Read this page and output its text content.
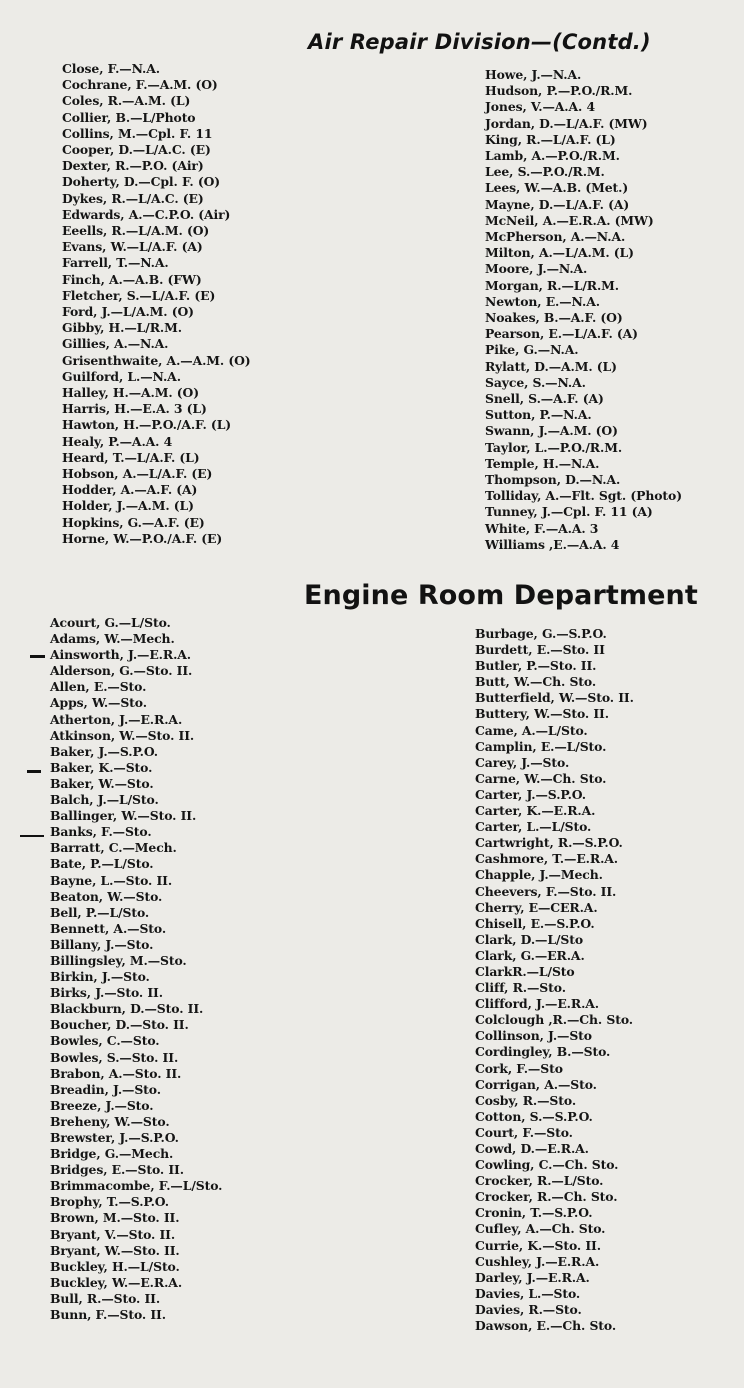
Air Repair Division—(Contd.)
Close, F.—N.A.
Cochrane, F.—A.M. (O)
Coles, R.—A.M. (L)
Collier, B.—L/Photo
Collins, M.—Cpl. F. 11
Cooper, D.—L/A.C. (E)
Dexter, R.—P.O. (Air)
Doherty, D.—Cpl. F. (O)
Dykes, R.—L/A.C. (E)
Edwards, A.—C.P.O. (Air)
Eeells, R.—L/A.M. (O)
Evans, W.—L/A.F. (A)
Farrell, T.—N.A.
Finch, A.—A.B. (FW)
Fletcher, S.—L/A.F. (E)
Ford, J.—L/A.M. (O)
Gibby, H.—L/R.M.
Gillies, A.—N.A.
Grisenthwaite, A.—A.M. (O)
Guilford, L.—N.A.
Halley, H.—A.M. (O)
Harris, H.—E.A. 3 (L)
Hawton, H.—P.O./A.F. (L)
Healy, P.—A.A. 4
Heard, T.—L/A.F. (L)
Hobson, A.—L/A.F. (E)
Hodder, A.—A.F. (A)
Holder, J.—A.M. (L)
Hopkins, G.—A.F. (E)
Horne, W.—P.O./A.F. (E)
Howe, J.—N.A.
Hudson, P.—P.O./R.M.
Jones, V.—A.A. 4
Jordan, D.—L/A.F. (MW)
King, R.—L/A.F. (L)
Lamb, A.—P.O./R.M.
Lee, S.—P.O./R.M.
Lees, W.—A.B. (Met.)
Mayne, D.—L/A.F. (A)
McNeil, A.—E.R.A. (MW)
McPherson, A.—N.A.
Milton, A.—L/A.M. (L)
Moore, J.—N.A.
Morgan, R.—L/R.M.
Newton, E.—N.A.
Noakes, B.—A.F. (O)
Pearson, E.—L/A.F. (A)
Pike, G.—N.A.
Rylatt, D.—A.M. (L)
Sayce, S.—N.A.
Snell, S.—A.F. (A)
Sutton, P.—N.A.
Swann, J.—A.M. (O)
Taylor, L.—P.O./R.M.
Temple, H.—N.A.
Thompson, D.—N.A.
Tolliday, A.—Flt. Sgt. (Photo)
Tunney, J.—Cpl. F. 11 (A)
White, F.—A.A. 3
Williams ,E.—A.A. 4
Engine Room Department
Acourt, G.—L/Sto.
Adams, W.—Mech.
Ainsworth, J.—E.R.A.
Alderson, G.—Sto. II.
Allen, E.—Sto.
Apps, W.—Sto.
Atherton, J.—E.R.A.
Atkinson, W.—Sto. II.
Baker, J.—S.P.O.
Baker, K.—Sto.
Baker, W.—Sto.
Balch, J.—L/Sto.
Ballinger, W.—Sto. II.
Banks, F.—Sto.
Barratt, C.—Mech.
Bate, P.—L/Sto.
Bayne, L.—Sto. II.
Beaton, W.—Sto.
Bell, P.—L/Sto.
Bennett, A.—Sto.
Billany, J.—Sto.
Billingsley, M.—Sto.
Birkin, J.—Sto.
Birks, J.—Sto. II.
Blackburn, D.—Sto. II.
Boucher, D.—Sto. II.
Bowles, C.—Sto.
Bowles, S.—Sto. II.
Brabon, A.—Sto. II.
Breadin, J.—Sto.
Breeze, J.—Sto.
Breheny, W.—Sto.
Brewster, J.—S.P.O.
Bridge, G.—Mech.
Bridges, E.—Sto. II.
Brimmacombe, F.—L/Sto.
Brophy, T.—S.P.O.
Brown, M.—Sto. II.
Bryant, V.—Sto. II.
Bryant, W.—Sto. II.
Buckley, H.—L/Sto.
Buckley, W.—E.R.A.
Bull, R.—Sto. II.
Bunn, F.—Sto. II.
Burbage, G.—S.P.O.
Burdett, E.—Sto. II
Butler, P.—Sto. II.
Butt, W.—Ch. Sto.
Butterfield, W.—Sto. II.
Buttery, W.—Sto. II.
Came, A.—L/Sto.
Camplin, E.—L/Sto.
Carey, J.—Sto.
Carne, W.—Ch. Sto.
Carter, J.—S.P.O.
Carter, K.—E.R.A.
Carter, L.—L/Sto.
Cartwright, R.—S.P.O.
Cashmore, T.—E.R.A.
Chapple, J.—Mech.
Cheevers, F.—Sto. II.
Cherry, E—CER.A.
Chisell, E.—S.P.O.
Clark, D.—L/Sto
Clark, G.—ER.A.
ClarkR.—L/Sto
Cliff, R.—Sto.
Clifford, J.—E.R.A.
Colclough ,R.—Ch. Sto.
Collinson, J.—Sto
Cordingley, B.—Sto.
Cork, F.—Sto
Corrigan, A.—Sto.
Cosby, R.—Sto.
Cotton, S.—S.P.O.
Court, F.—Sto.
Cowd, D.—E.R.A.
Cowling, C.—Ch. Sto.
Crocker, R.—L/Sto.
Crocker, R.—Ch. Sto.
Cronin, T.—S.P.O.
Cufley, A.—Ch. Sto.
Currie, K.—Sto. II.
Cushley, J.—E.R.A.
Darley, J.—E.R.A.
Davies, L.—Sto.
Davies, R.—Sto.
Dawson, E.—Ch. Sto.
